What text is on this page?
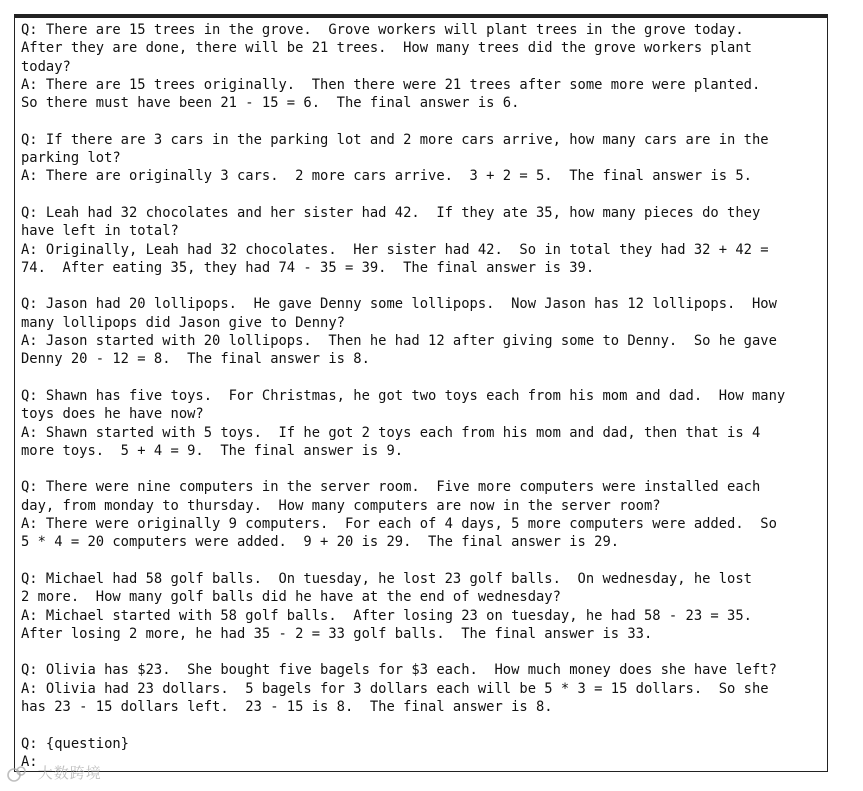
Q: There are 15 trees in the grove.  Grove workers will plant trees in the grove today.
After they are done, there will be 21 trees.  How many trees did the grove workers plant
today?
A: There are 15 trees originally.  Then there were 21 trees after some more were planted.
So there must have been 21 - 15 = 6.  The final answer is 6.
Q: If there are 3 cars in the parking lot and 2 more cars arrive, how many cars are in the
parking lot?
A: There are originally 3 cars.  2 more cars arrive.  3 + 2 = 5.  The final answer is 5.
Q: Leah had 32 chocolates and her sister had 42.  If they ate 35, how many pieces do they
have left in total?
A: Originally, Leah had 32 chocolates.  Her sister had 42.  So in total they had 32 + 42 =
74.  After eating 35, they had 74 - 35 = 39.  The final answer is 39.
Q: Jason had 20 lollipops.  He gave Denny some lollipops.  Now Jason has 12 lollipops.  How
many lollipops did Jason give to Denny?
A: Jason started with 20 lollipops.  Then he had 12 after giving some to Denny.  So he gave
Denny 20 - 12 = 8.  The final answer is 8.
Q: Shawn has five toys.  For Christmas, he got two toys each from his mom and dad.  How many
toys does he have now?
A: Shawn started with 5 toys.  If he got 2 toys each from his mom and dad, then that is 4
more toys.  5 + 4 = 9.  The final answer is 9.
Q: There were nine computers in the server room.  Five more computers were installed each
day, from monday to thursday.  How many computers are now in the server room?
A: There were originally 9 computers.  For each of 4 days, 5 more computers were added.  So
5 * 4 = 20 computers were added.  9 + 20 is 29.  The final answer is 29.
Q: Michael had 58 golf balls.  On tuesday, he lost 23 golf balls.  On wednesday, he lost
2 more.  How many golf balls did he have at the end of wednesday?
A: Michael started with 58 golf balls.  After losing 23 on tuesday, he had 58 - 23 = 35.
After losing 2 more, he had 35 - 2 = 33 golf balls.  The final answer is 33.
Q: Olivia has $23.  She bought five bagels for $3 each.  How much money does she have left?
A: Olivia had 23 dollars.  5 bagels for 3 dollars each will be 5 * 3 = 15 dollars.  So she
has 23 - 15 dollars left.  23 - 15 is 8.  The final answer is 8.
Q: {question}
A:
大数跨境
